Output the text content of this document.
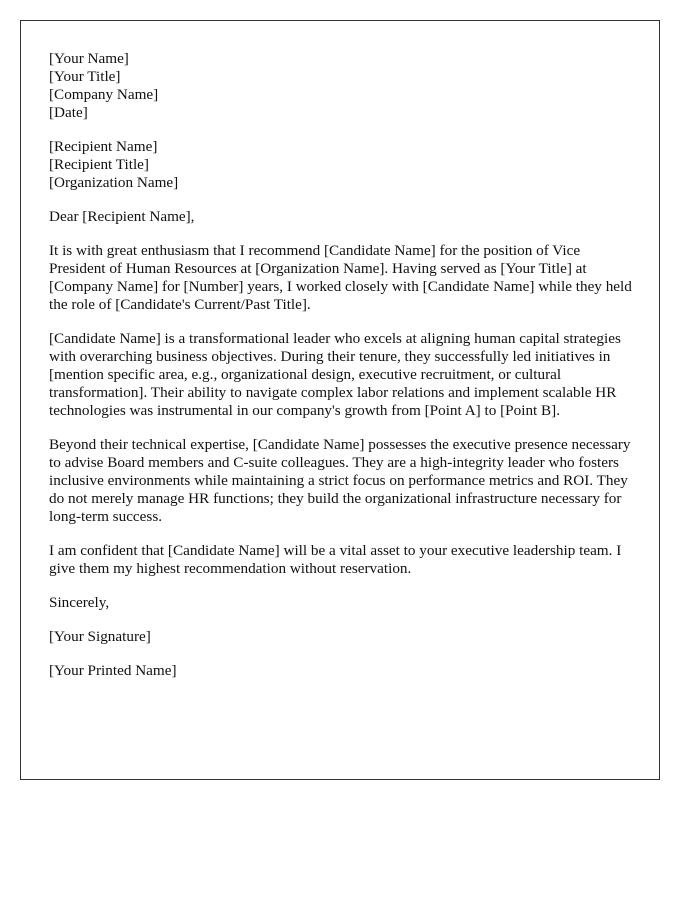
[Your Name]
[Your Title]
[Company Name]
[Date]
[Recipient Name]
[Recipient Title]
[Organization Name]

Dear [Recipient Name],

It is with great enthusiasm that I recommend [Candidate Name] for the position of Vice President of Human Resources at [Organization Name]. Having served as [Your Title] at [Company Name] for [Number] years, I worked closely with [Candidate Name] while they held the role of [Candidate's Current/Past Title].

[Candidate Name] is a transformational leader who excels at aligning human capital strategies with overarching business objectives. During their tenure, they successfully led initiatives in [mention specific area, e.g., organizational design, executive recruitment, or cultural transformation]. Their ability to navigate complex labor relations and implement scalable HR technologies was instrumental in our company's growth from [Point A] to [Point B].

Beyond their technical expertise, [Candidate Name] possesses the executive presence necessary to advise Board members and C-suite colleagues. They are a high-integrity leader who fosters inclusive environments while maintaining a strict focus on performance metrics and ROI. They do not merely manage HR functions; they build the organizational infrastructure necessary for long-term success.

I am confident that [Candidate Name] will be a vital asset to your executive leadership team. I give them my highest recommendation without reservation.

Sincerely,

[Your Signature]

[Your Printed Name]
